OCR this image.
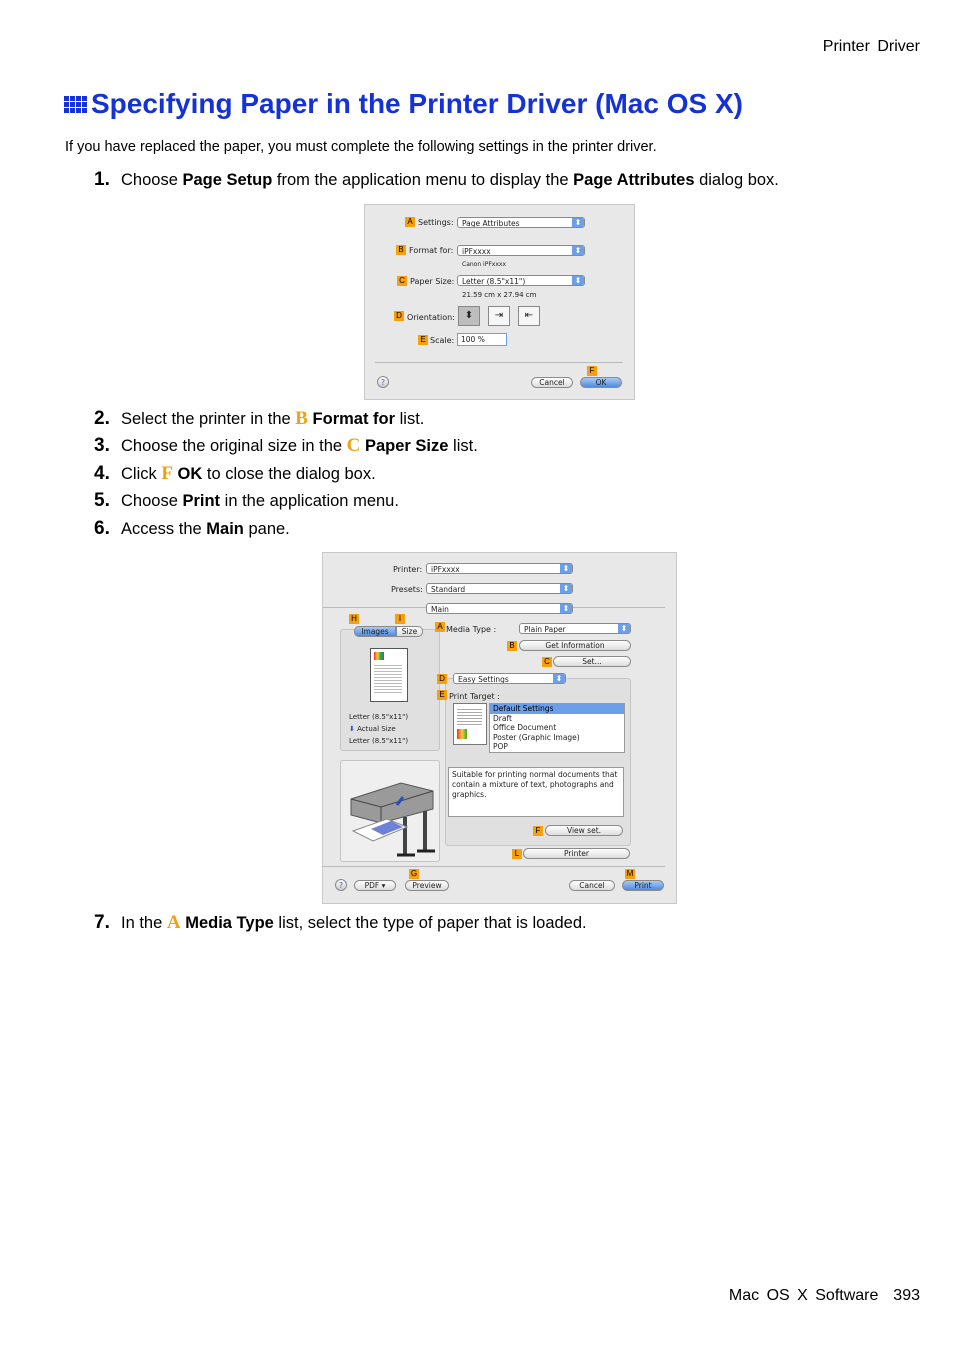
Printer Driver
Specifying Paper in the Printer Driver (Mac OS X)
If you have replaced the paper, you must complete the following settings in the printer driver.
1. Choose Page Setup from the application menu to display the Page Attributes dialog box.
A Settings:	Page Attributes ⬍
B Format for:	iPFxxxx ⬍
Canon iPFxxxx
C Paper Size:	Letter (8.5"x11") ⬍
21.59 cm x 27.94 cm
D Orientation: ⬍	⇥	⇤
E Scale: 100 %
F
?	Cancel	OK
2. Select the printer in the B Format for list.
3. Choose the original size in the C Paper Size list.
4. Click F OK to close the dialog box.
5. Choose Print in the application menu.
6. Access the Main pane.
Printer:	iPFxxxx ⬍
Presets:	Standard ⬍
Main ⬍
H	I
Images	Size
Letter (8.5"x11")
⬇ Actual Size
Letter (8.5"x11")
A Media Type :	Plain Paper ⬍
B	Get Information
C	Set...
D	Easy Settings ⬍
E Print Target :
Default Settings
Draft
Office Document
Poster (Graphic Image)
POP
Suitable for printing normal documents that contain a mixture of text, photographs and graphics.
F	View set.
L	Printer
G	M
?	PDF ▾	Preview	Cancel	Print
7. In the A Media Type list, select the type of paper that is loaded.
Mac OS X Software 393
